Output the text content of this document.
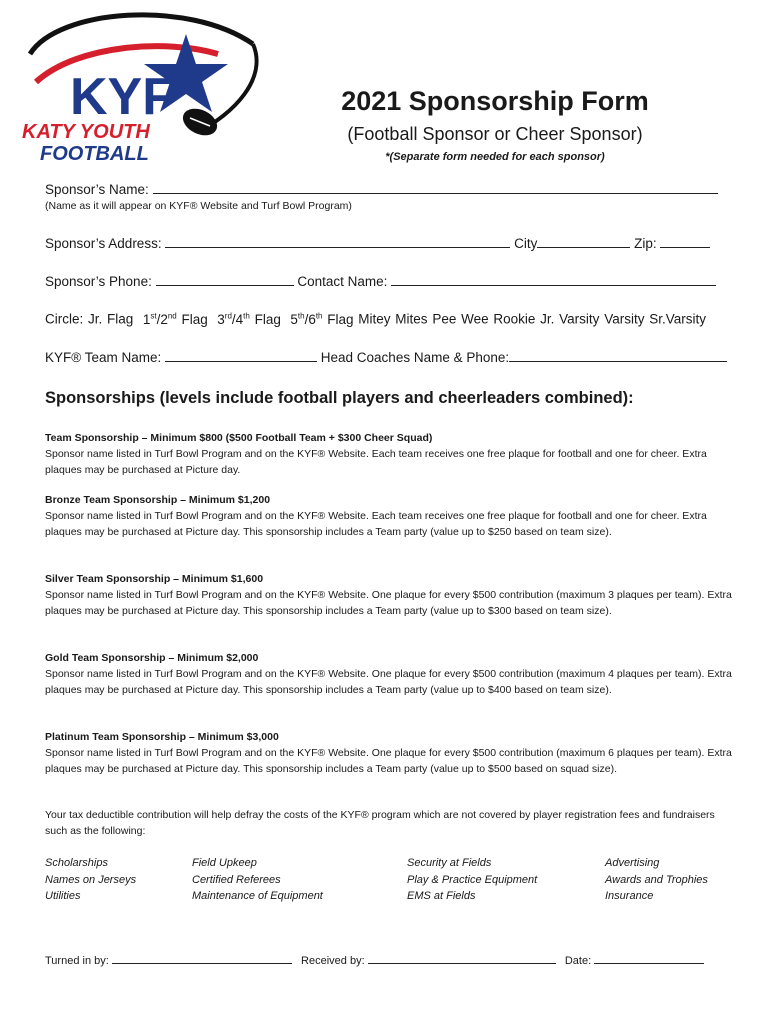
KYF
KATY YOUTH
FOOTBALL
2021 Sponsorship Form
(Football Sponsor or Cheer Sponsor)
*(Separate form needed for each sponsor)
Sponsor’s Name:
(Name as it will appear on KYF® Website and Turf Bowl Program)
Sponsor’s Address:	City	Zip:
Sponsor’s Phone:	Contact Name:
Circle: Jr. Flag 1st/2nd Flag 3rd/4th Flag 5th/6th Flag Mitey Mites Pee Wee Rookie Jr. Varsity Varsity Sr.Varsity
KYF® Team Name:	Head Coaches Name & Phone:
Sponsorships (levels include football players and cheerleaders combined):
Team Sponsorship – Minimum $800 ($500 Football Team + $300 Cheer Squad)
Sponsor name listed in Turf Bowl Program and on the KYF® Website. Each team receives one free plaque for football and one for cheer. Extra plaques may be purchased at Picture day.
Bronze Team Sponsorship – Minimum $1,200
Sponsor name listed in Turf Bowl Program and on the KYF® Website. Each team receives one free plaque for football and one for cheer. Extra plaques may be purchased at Picture day. This sponsorship includes a Team party (value up to $250 based on team size).
Silver Team Sponsorship – Minimum $1,600
Sponsor name listed in Turf Bowl Program and on the KYF® Website. One plaque for every $500 contribution (maximum 3 plaques per team). Extra plaques may be purchased at Picture day. This sponsorship includes a Team party (value up to $300 based on team size).
Gold Team Sponsorship – Minimum $2,000
Sponsor name listed in Turf Bowl Program and on the KYF® Website. One plaque for every $500 contribution (maximum 4 plaques per team). Extra plaques may be purchased at Picture day. This sponsorship includes a Team party (value up to $400 based on team size).
Platinum Team Sponsorship – Minimum $3,000
Sponsor name listed in Turf Bowl Program and on the KYF® Website. One plaque for every $500 contribution (maximum 6 plaques per team). Extra plaques may be purchased at Picture day. This sponsorship includes a Team party (value up to $500 based on squad size).
Your tax deductible contribution will help defray the costs of the KYF® program which are not covered by player registration fees and fundraisers such as the following:
Scholarships
Names on Jerseys
Utilities
Field Upkeep
Certified Referees
Maintenance of Equipment
Security at Fields
Play & Practice Equipment
EMS at Fields
Advertising
Awards and Trophies
Insurance
Turned in by:	Received by:	Date:
